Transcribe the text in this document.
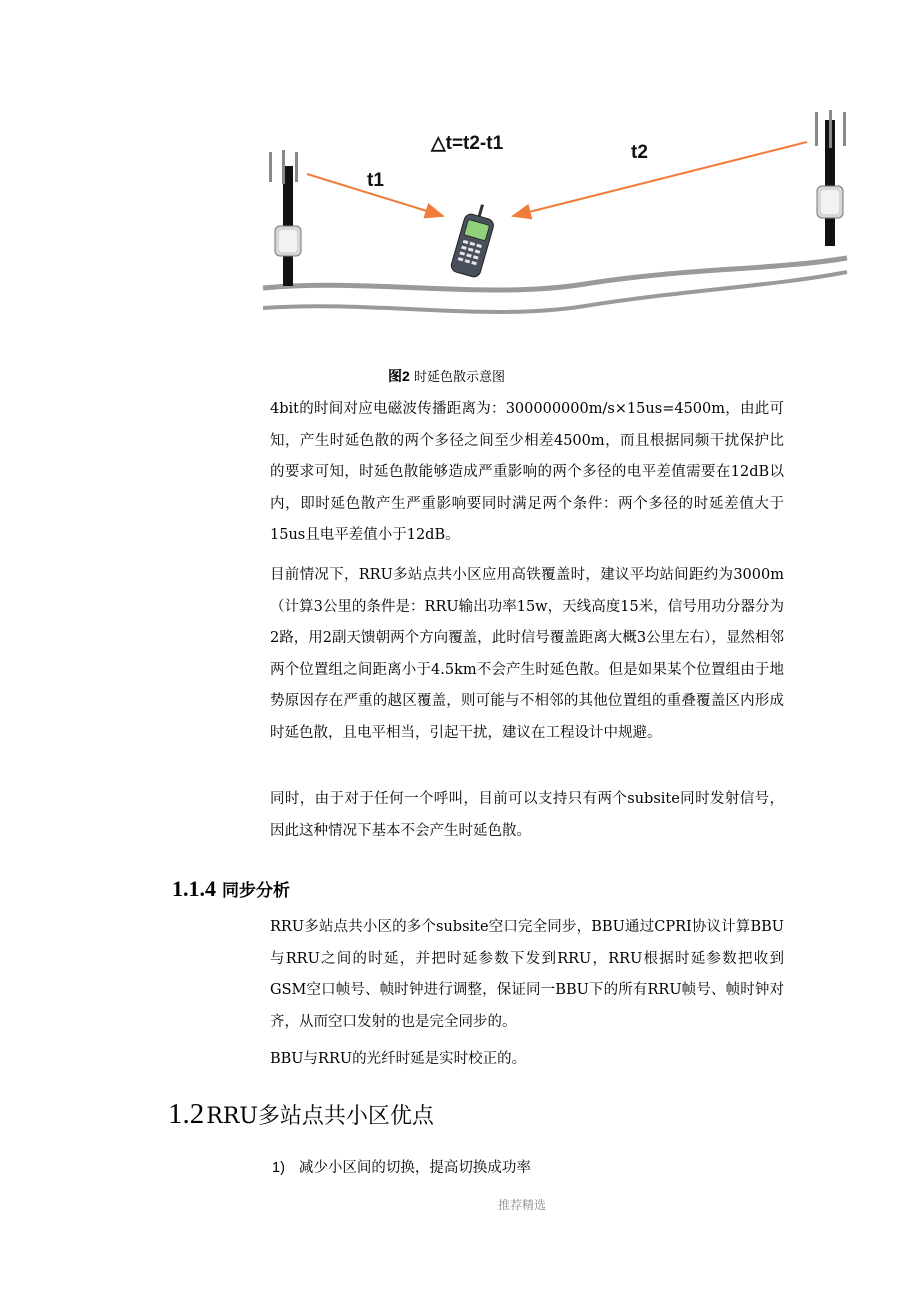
△t=t2-t1
t1
t2
图2 时延色散示意图

4bit的时间对应电磁波传播距离为：300000000m/s×15us=4500m，由此可知，产生时延色散的两个多径之间至少相差4500m，而且根据同频干扰保护比的要求可知，时延色散能够造成严重影响的两个多径的电平差值需要在12dB以内，即时延色散产生严重影响要同时满足两个条件：两个多径的时延差值大于15us且电平差值小于12dB。

目前情况下，RRU多站点共小区应用高铁覆盖时，建议平均站间距约为3000m（计算3公里的条件是：RRU输出功率15w，天线高度15米，信号用功分器分为2路，用2副天馈朝两个方向覆盖，此时信号覆盖距离大概3公里左右），显然相邻两个位置组之间距离小于4.5km不会产生时延色散。但是如果某个位置组由于地势原因存在严重的越区覆盖，则可能与不相邻的其他位置组的重叠覆盖区内形成时延色散，且电平相当，引起干扰，建议在工程设计中规避。

同时，由于对于任何一个呼叫，目前可以支持只有两个subsite同时发射信号，因此这种情况下基本不会产生时延色散。

1.1.4 同步分析

RRU多站点共小区的多个subsite空口完全同步，BBU通过CPRI协议计算BBU与RRU之间的时延，并把时延参数下发到RRU，RRU根据时延参数把收到GSM空口帧号、帧时钟进行调整，保证同一BBU下的所有RRU帧号、帧时钟对齐，从而空口发射的也是完全同步的。

BBU与RRU的光纤时延是实时校正的。

1.2RRU多站点共小区优点
1) 减少小区间的切换，提高切换成功率
推荐精选
